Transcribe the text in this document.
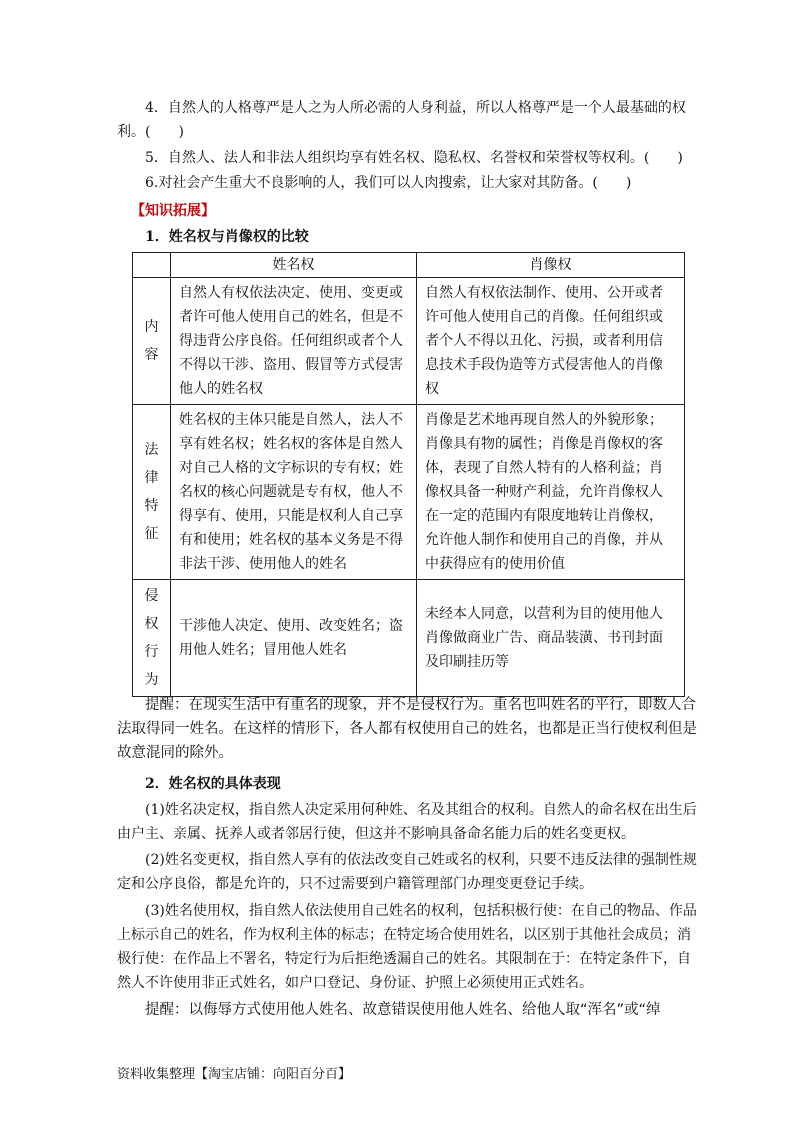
4．自然人的人格尊严是人之为人所必需的人身利益，所以人格尊严是一个人最基础的权利。(　　)

5．自然人、法人和非法人组织均享有姓名权、隐私权、名誉权和荣誉权等权利。(　　)

6.对社会产生重大不良影响的人，我们可以人肉搜索，让大家对其防备。(　　)

【知识拓展】

1．姓名权与肖像权的比较

	姓名权	肖像权
内容	自然人有权依法决定、使用、变更或者许可他人使用自己的姓名，但是不得违背公序良俗。任何组织或者个人不得以干涉、盗用、假冒等方式侵害他人的姓名权	自然人有权依法制作、使用、公开或者许可他人使用自己的肖像。任何组织或者个人不得以丑化、污损，或者利用信息技术手段伪造等方式侵害他人的肖像权
法律特征	姓名权的主体只能是自然人，法人不享有姓名权；姓名权的客体是自然人对自己人格的文字标识的专有权；姓名权的核心问题就是专有权，他人不得享有、使用，只能是权利人自己享有和使用；姓名权的基本义务是不得非法干涉、使用他人的姓名	肖像是艺术地再现自然人的外貌形象；肖像具有物的属性；肖像是肖像权的客体，表现了自然人特有的人格利益；肖像权具备一种财产利益，允许肖像权人在一定的范围内有限度地转让肖像权，允许他人制作和使用自己的肖像，并从中获得应有的使用价值
侵权行为	干涉他人决定、使用、改变姓名；盗用他人姓名；冒用他人姓名	未经本人同意，以营利为目的使用他人肖像做商业广告、商品装潢、书刊封面及印刷挂历等

提醒：在现实生活中有重名的现象，并不是侵权行为。重名也叫姓名的平行，即数人合法取得同一姓名。在这样的情形下，各人都有权使用自己的姓名，也都是正当行使权利但是故意混同的除外。

2．姓名权的具体表现

(1)姓名决定权，指自然人决定采用何种姓、名及其组合的权利。自然人的命名权在出生后由户主、亲属、抚养人或者邻居行使，但这并不影响具备命名能力后的姓名变更权。

(2)姓名变更权，指自然人享有的依法改变自己姓或名的权利，只要不违反法律的强制性规定和公序良俗，都是允许的，只不过需要到户籍管理部门办理变更登记手续。

(3)姓名使用权，指自然人依法使用自己姓名的权利，包括积极行使：在自己的物品、作品上标示自己的姓名，作为权利主体的标志；在特定场合使用姓名，以区别于其他社会成员；消极行使：在作品上不署名，特定行为后拒绝透漏自己的姓名。其限制在于：在特定条件下，自然人不许使用非正式姓名，如户口登记、身份证、护照上必须使用正式姓名。

提醒：以侮辱方式使用他人姓名、故意错误使用他人姓名、给他人取“浑名”或“绰

资料收集整理【淘宝店铺：向阳百分百】
